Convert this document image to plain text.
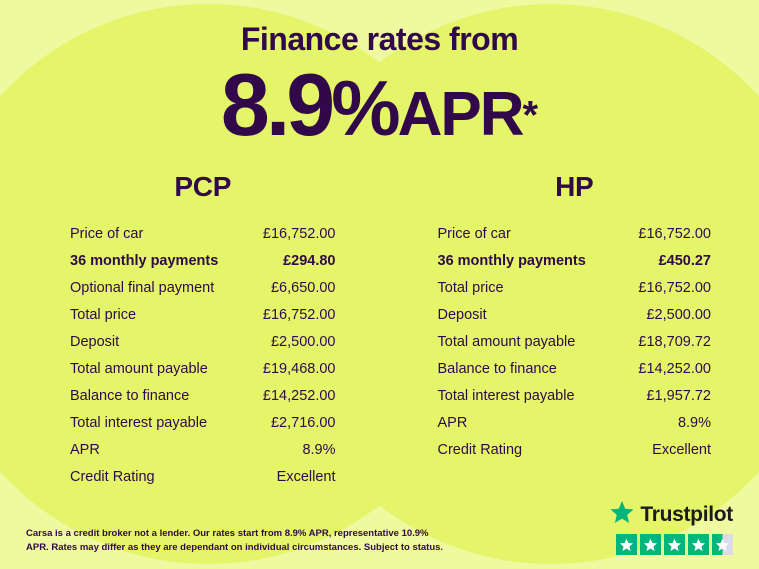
Finance rates from
8.9%APR*
PCP
Price of car	£16,752.00
36 monthly payments	£294.80
Optional final payment	£6,650.00
Total price	£16,752.00
Deposit	£2,500.00
Total amount payable	£19,468.00
Balance to finance	£14,252.00
Total interest payable	£2,716.00
APR	8.9%
Credit Rating	Excellent
HP
Price of car	£16,752.00
36 monthly payments	£450.27
Total price	£16,752.00
Deposit	£2,500.00
Total amount payable	£18,709.72
Balance to finance	£14,252.00
Total interest payable	£1,957.72
APR	8.9%
Credit Rating	Excellent
Carsa is a credit broker not a lender. Our rates start from 8.9% APR, representative 10.9% APR. Rates may differ as they are dependant on individual circumstances. Subject to status.
Trustpilot
